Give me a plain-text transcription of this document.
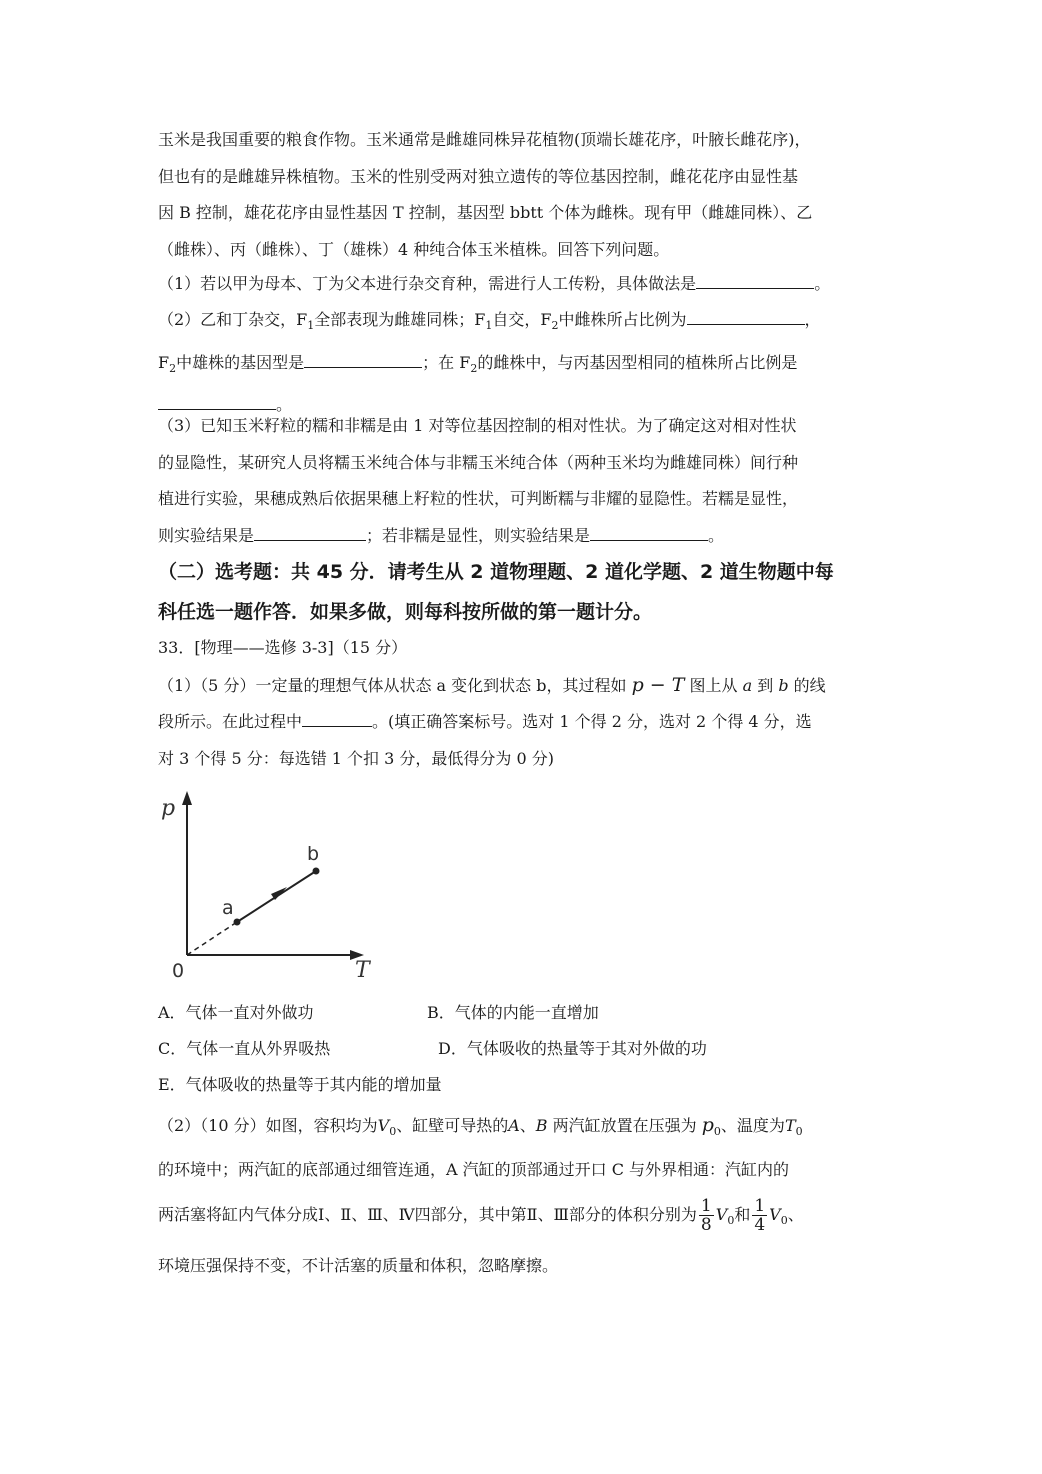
玉米是我国重要的粮食作物。玉米通常是雌雄同株异花植物(顶端长雄花序，叶腋长雌花序)，
但也有的是雌雄异株植物。玉米的性别受两对独立遗传的等位基因控制，雌花花序由显性基
因 B 控制，雄花花序由显性基因 T 控制，基因型 bbtt 个体为雌株。现有甲（雌雄同株）、乙
（雌株）、丙（雌株）、丁（雄株）4 种纯合体玉米植株。回答下列问题。
（1）若以甲为母本、丁为父本进行杂交育种，需进行人工传粉，具体做法是	。
（2）乙和丁杂交，$F_1$全部表现为雌雄同株；$F_1$自交，$F_2$中雌株所占比例为	，
$F_2$中雄株的基因型是	；在 $F_2$的雌株中，与丙基因型相同的植株所占比例是
。
（3）已知玉米籽粒的糯和非糯是由 1 对等位基因控制的相对性状。为了确定这对相对性状
的显隐性，某研究人员将糯玉米纯合体与非糯玉米纯合体（两种玉米均为雌雄同株）间行种
植进行实验，果穗成熟后依据果穗上籽粒的性状，可判断糯与非耀的显隐性。若糯是显性，
则实验结果是	；若非糯是显性，则实验结果是	。
（二）选考题：共 45 分．请考生从 2 道物理题、2 道化学题、2 道生物题中每
科任选一题作答．如果多做，则每科按所做的第一题计分。
33．[物理——选修 3-3]（15 分）
（1）（5 分）一定量的理想气体从状态 a 变化到状态 b，其过程如 p − T 图上从 a 到 b 的线
段所示。在此过程中	。(填正确答案标号。选对 1 个得 2 分，选对 2 个得 4 分，选
对 3 个得 5 分：每选错 1 个扣 3 分，最低得分为 0 分)
p
T
0
a
b
A．气体一直对外做功	B．气体的内能一直增加
C．气体一直从外界吸热	D．气体吸收的热量等于其对外做的功
E．气体吸收的热量等于其内能的增加量
（2）（10 分）如图，容积均为$V_0$、缸壁可导热的A、B 两汽缸放置在压强为 $p_0$、温度为$T_0$
的环境中；两汽缸的底部通过细管连通，A 汽缸的顶部通过开口 C 与外界相通：汽缸内的
两活塞将缸内气体分成Ⅰ、Ⅱ、Ⅲ、Ⅳ四部分，其中第Ⅱ、Ⅲ部分的体积分别为 $\frac{1}{8} V_0$和 $\frac{1}{4} V_0$、
环境压强保持不变，不计活塞的质量和体积，忽略摩擦。
